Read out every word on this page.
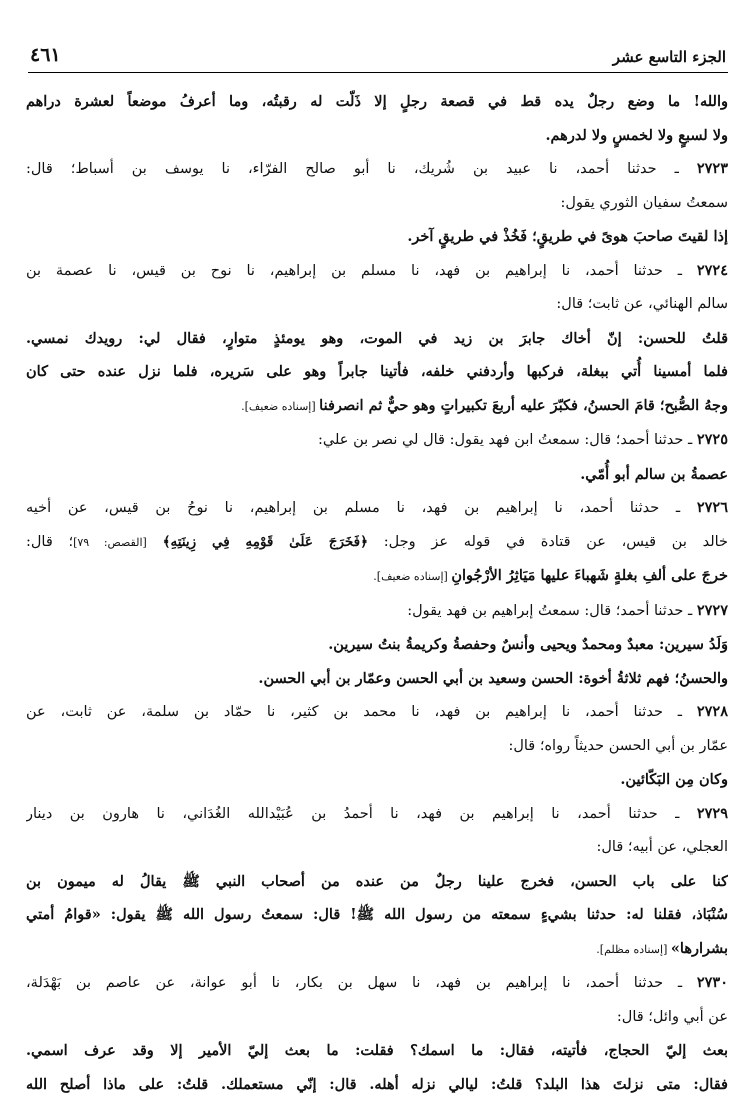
الجزء التاسع عشر
٤٦١
والله! ما وضع رجلٌ يده قط في قصعة رجلٍ إلا ذَلّت له رقبتُه، وما أعرفُ موضعاً لعشرة دراهم
ولا لسبعٍ ولا لخمسٍ ولا لدرهم.
٢٧٢٣ ـ حدثنا أحمد، نا عبيد بن شُريك، نا أبو صالح الفرّاء، نا يوسف بن أسباط؛ قال:
سمعتُ سفيان الثوري يقول:
إذا لقيتَ صاحبَ هوىً في طريقٍ؛ فَخُذْ في طريقٍ آخر.
٢٧٢٤ ـ حدثنا أحمد، نا إبراهيم بن فهد، نا مسلم بن إبراهيم، نا نوح بن قيس، نا عصمة بن
سالم الهنائي، عن ثابت؛ قال:
قلتُ للحسن: إنّ أخاك جابرَ بن زيد في الموت، وهو يومئذٍ متوارٍ، فقال لي: رويدك نمسي.
فلما أمسينا أُتي ببغلة، فركبها وأردفني خلفه، فأتينا جابراً وهو على سَريره، فلما نزل عنده حتى كان
وجهُ الصُّبح؛ قامَ الحسنُ، فكبّرَ عليه أربعَ تكبيراتٍ وهو حيٌّ ثم انصرفنا [إسناده ضعيف].
٢٧٢٥ ـ حدثنا أحمد؛ قال: سمعتُ ابن فهد يقول: قال لي نصر بن علي:
عصمةُ بن سالم أبو أُمّي.
٢٧٢٦ ـ حدثنا أحمد، نا إبراهيم بن فهد، نا مسلم بن إبراهيم، نا نوحُ بن قيس، عن أخيه
خالد بن قيس، عن قتادة في قوله عز وجل: ﴿فَخَرَجَ عَلَىٰ قَوْمِهِ فِي زِينَتِهِ﴾ [القصص: ٧٩]؛ قال:
خرجَ على ألفِ بغلةٍ شَهباءَ عليها مَيَاثِرُ الأرْجُوانِ [إسناده ضعيف].
٢٧٢٧ ـ حدثنا أحمد؛ قال: سمعتُ إبراهيم بن فهد يقول:
وَلَدُ سيرين: معبدٌ ومحمدٌ ويحيى وأنسٌ وحفصةُ وكريمةُ بنتُ سيرين.
والحسنُ؛ فهم ثلاثةُ أخوة: الحسن وسعيد بن أبي الحسن وعمّار بن أبي الحسن.
٢٧٢٨ ـ حدثنا أحمد، نا إبراهيم بن فهد، نا محمد بن كثير، نا حمّاد بن سلمة، عن ثابت، عن
عمّار بن أبي الحسن حديثاً رواه؛ قال:
وكان مِن البَكّائين.
٢٧٢٩ ـ حدثنا أحمد، نا إبراهيم بن فهد، نا أحمدُ بن عُبَيْدالله الغُدَاني، نا هارون بن دينار
العجلي، عن أبيه؛ قال:
كنا على باب الحسن، فخرج علينا رجلٌ من عنده من أصحاب النبي ﷺ يقالُ له ميمون بن
سُنْبَاذ، فقلنا له: حدثنا بشيءٍ سمعته من رسول الله ﷺ! قال: سمعتُ رسول الله ﷺ يقول: «قوامُ أمتي
بشرارها» [إسناده مظلم].
٢٧٣٠ ـ حدثنا أحمد، نا إبراهيم بن فهد، نا سهل بن بكار، نا أبو عوانة، عن عاصم بن بَهْدَلة،
عن أبي وائل؛ قال:
بعث إليّ الحجاج، فأتيته، فقال: ما اسمك؟ فقلت: ما بعث إليّ الأمير إلا وقد عرف اسمي.
فقال: متى نزلتَ هذا البلد؟ قلتُ: ليالي نزله أهله. قال: إنّي مستعملك. قلتُ: على ماذا أصلح الله
